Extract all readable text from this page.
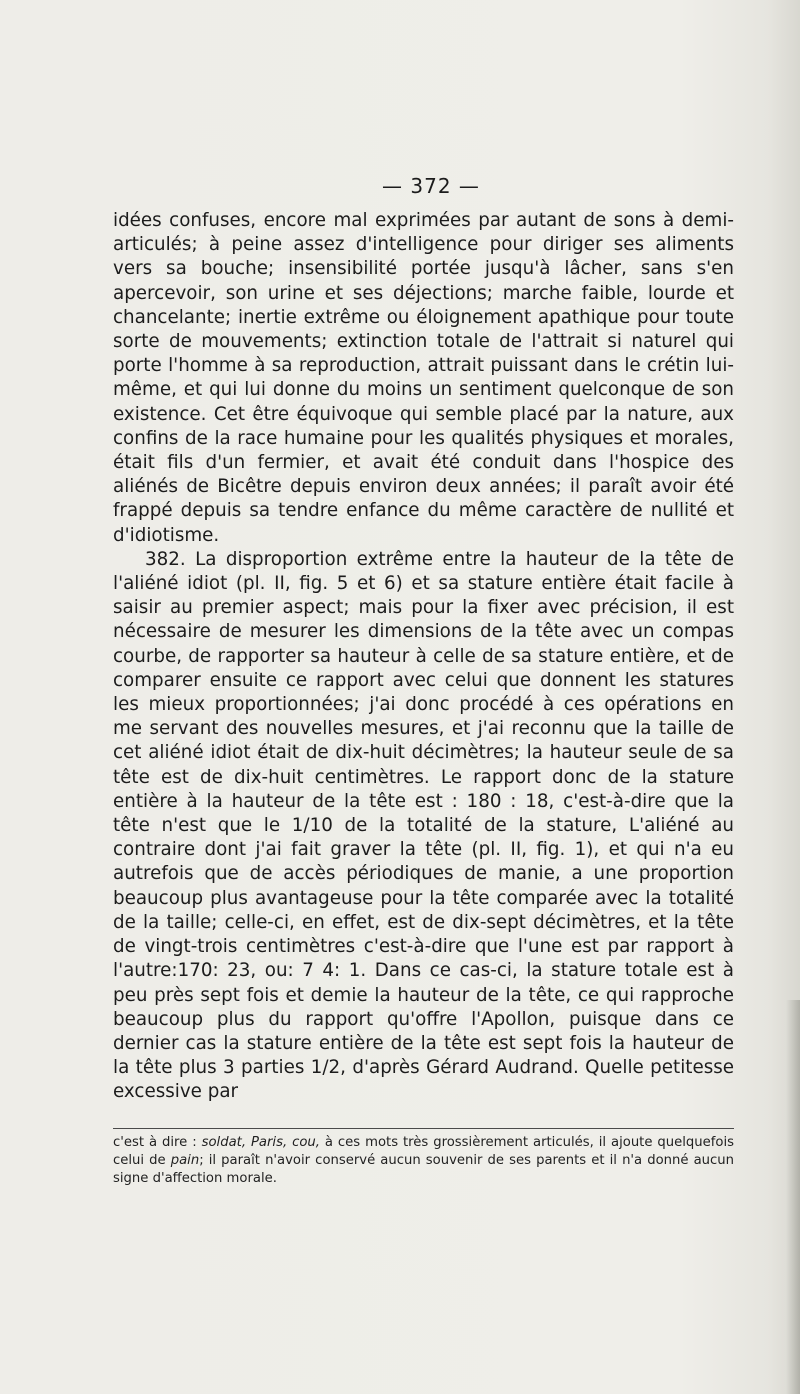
— 372 —

idées confuses, encore mal exprimées par autant de sons à demi-articulés; à peine assez d'intelligence pour diriger ses aliments vers sa bouche; insensibilité portée jusqu'à lâcher, sans s'en apercevoir, son urine et ses déjections; marche faible, lourde et chancelante; inertie extrême ou éloignement apathique pour toute sorte de mouvements; extinction totale de l'attrait si naturel qui porte l'homme à sa reproduction, attrait puissant dans le crétin lui-même, et qui lui donne du moins un sentiment quelconque de son existence. Cet être équivoque qui semble placé par la nature, aux confins de la race humaine pour les qualités physiques et morales, était fils d'un fermier, et avait été conduit dans l'hospice des aliénés de Bicêtre depuis environ deux années; il paraît avoir été frappé depuis sa tendre enfance du même caractère de nullité et d'idiotisme.

382. La disproportion extrême entre la hauteur de la tête de l'aliéné idiot (pl. II, fig. 5 et 6) et sa stature entière était facile à saisir au premier aspect; mais pour la fixer avec précision, il est nécessaire de mesurer les dimensions de la tête avec un compas courbe, de rapporter sa hauteur à celle de sa stature entière, et de comparer ensuite ce rapport avec celui que donnent les statures les mieux proportionnées; j'ai donc procédé à ces opérations en me servant des nouvelles mesures, et j'ai reconnu que la taille de cet aliéné idiot était de dix-huit décimètres; la hauteur seule de sa tête est de dix-huit centimètres. Le rapport donc de la stature entière à la hauteur de la tête est : 180 : 18, c'est-à-dire que la tête n'est que le 1/10 de la totalité de la stature, L'aliéné au contraire dont j'ai fait graver la tête (pl. II, fig. 1), et qui n'a eu autrefois que de accès périodiques de manie, a une proportion beaucoup plus avantageuse pour la tête comparée avec la totalité de la taille; celle-ci, en effet, est de dix-sept décimètres, et la tête de vingt-trois centimètres c'est-à-dire que l'une est par rapport à l'autre:170: 23, ou: 7 4: 1. Dans ce cas-ci, la stature totale est à peu près sept fois et demie la hauteur de la tête, ce qui rapproche beaucoup plus du rapport qu'offre l'Apollon, puisque dans ce dernier cas la stature entière de la tête est sept fois la hauteur de la tête plus 3 parties 1/2, d'après Gérard Audrand. Quelle petitesse excessive par

c'est à dire : soldat, Paris, cou, à ces mots très grossièrement articulés, il ajoute quelquefois celui de pain; il paraît n'avoir conservé aucun souvenir de ses parents et il n'a donné aucun signe d'affection morale.
